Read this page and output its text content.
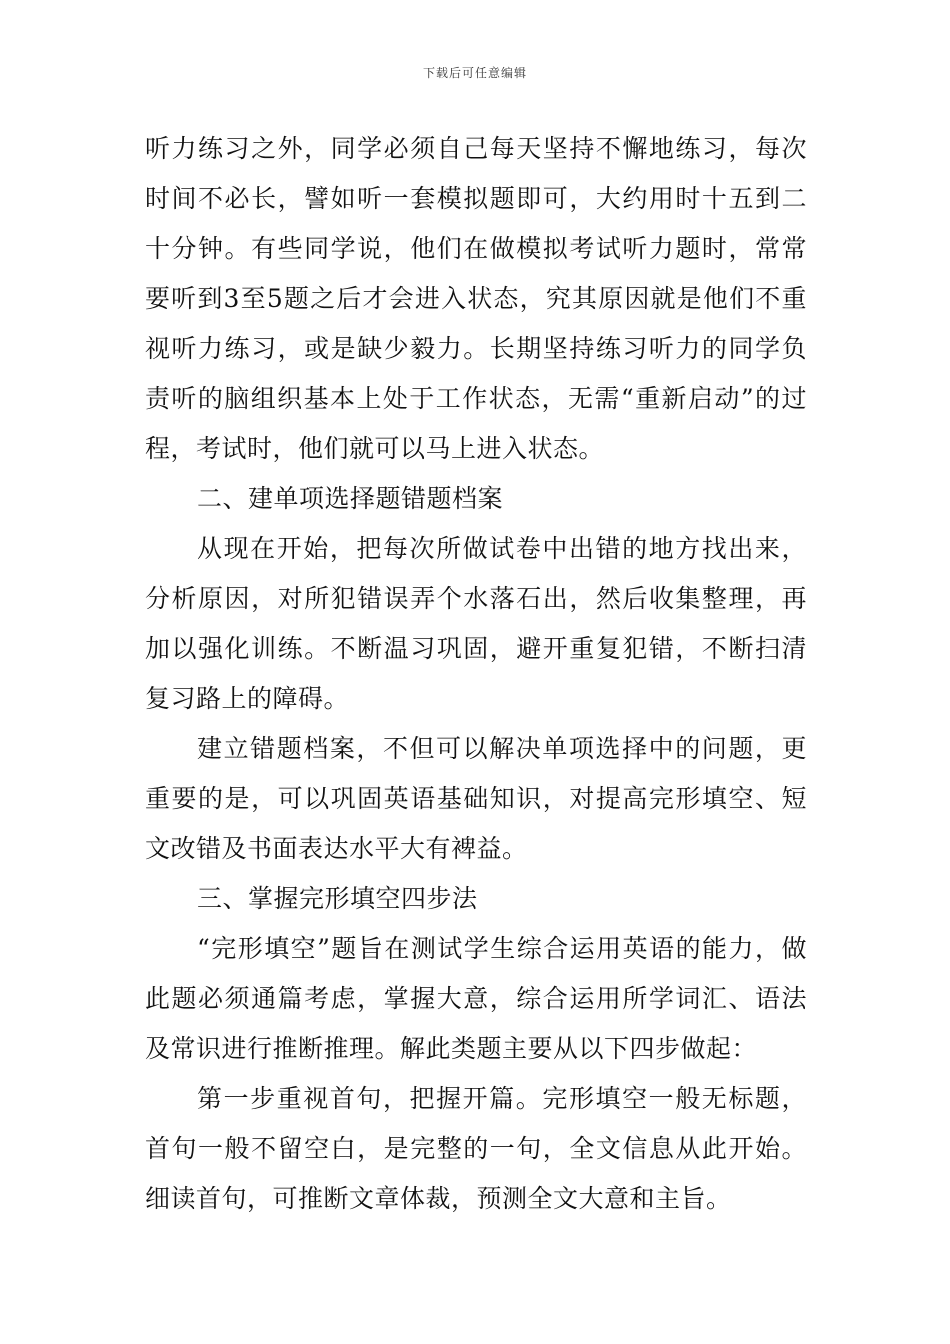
下载后可任意编辑

听力练习之外，同学必须自己每天坚持不懈地练习，每次时间不必长，譬如听一套模拟题即可，大约用时十五到二十分钟。有些同学说，他们在做模拟考试听力题时，常常要听到3至5题之后才会进入状态，究其原因就是他们不重视听力练习，或是缺少毅力。长期坚持练习听力的同学负责听的脑组织基本上处于工作状态，无需“重新启动”的过程，考试时，他们就可以马上进入状态。

二、建单项选择题错题档案

从现在开始，把每次所做试卷中出错的地方找出来，分析原因，对所犯错误弄个水落石出，然后收集整理，再加以强化训练。不断温习巩固，避开重复犯错，不断扫清复习路上的障碍。

建立错题档案，不但可以解决单项选择中的问题，更重要的是，可以巩固英语基础知识，对提高完形填空、短文改错及书面表达水平大有裨益。

三、掌握完形填空四步法

“完形填空”题旨在测试学生综合运用英语的能力，做此题必须通篇考虑，掌握大意，综合运用所学词汇、语法及常识进行推断推理。解此类题主要从以下四步做起：

第一步重视首句，把握开篇。完形填空一般无标题，首句一般不留空白，是完整的一句，全文信息从此开始。细读首句，可推断文章体裁，预测全文大意和主旨。
